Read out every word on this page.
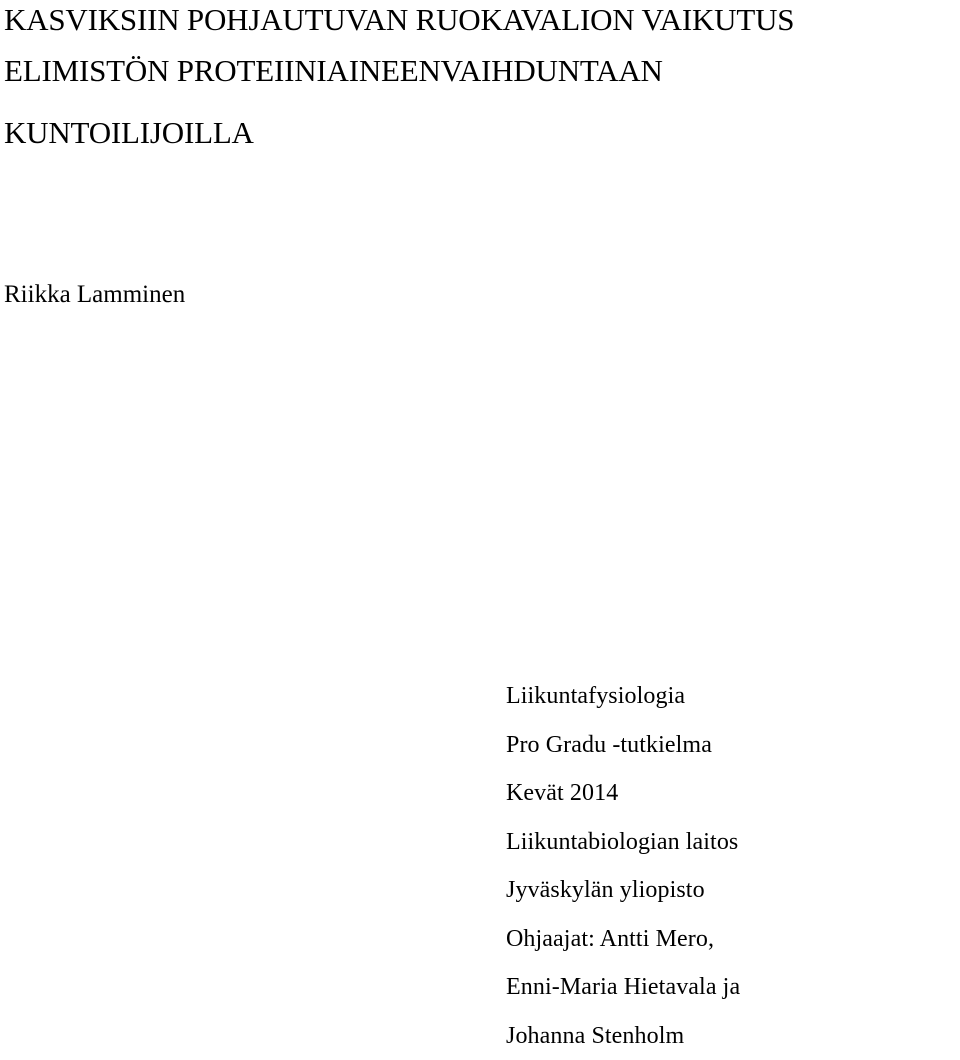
KASVIKSIIN POHJAUTUVAN RUOKAVALION VAIKUTUS
ELIMISTÖN PROTEIINIAINEENVAIHDUNTAAN
KUNTOILIJOILLA
Riikka Lamminen
Liikuntafysiologia
Pro Gradu -tutkielma
Kevät 2014
Liikuntabiologian laitos
Jyväskylän yliopisto
Ohjaajat: Antti Mero,
Enni-Maria Hietavala ja
Johanna Stenholm
